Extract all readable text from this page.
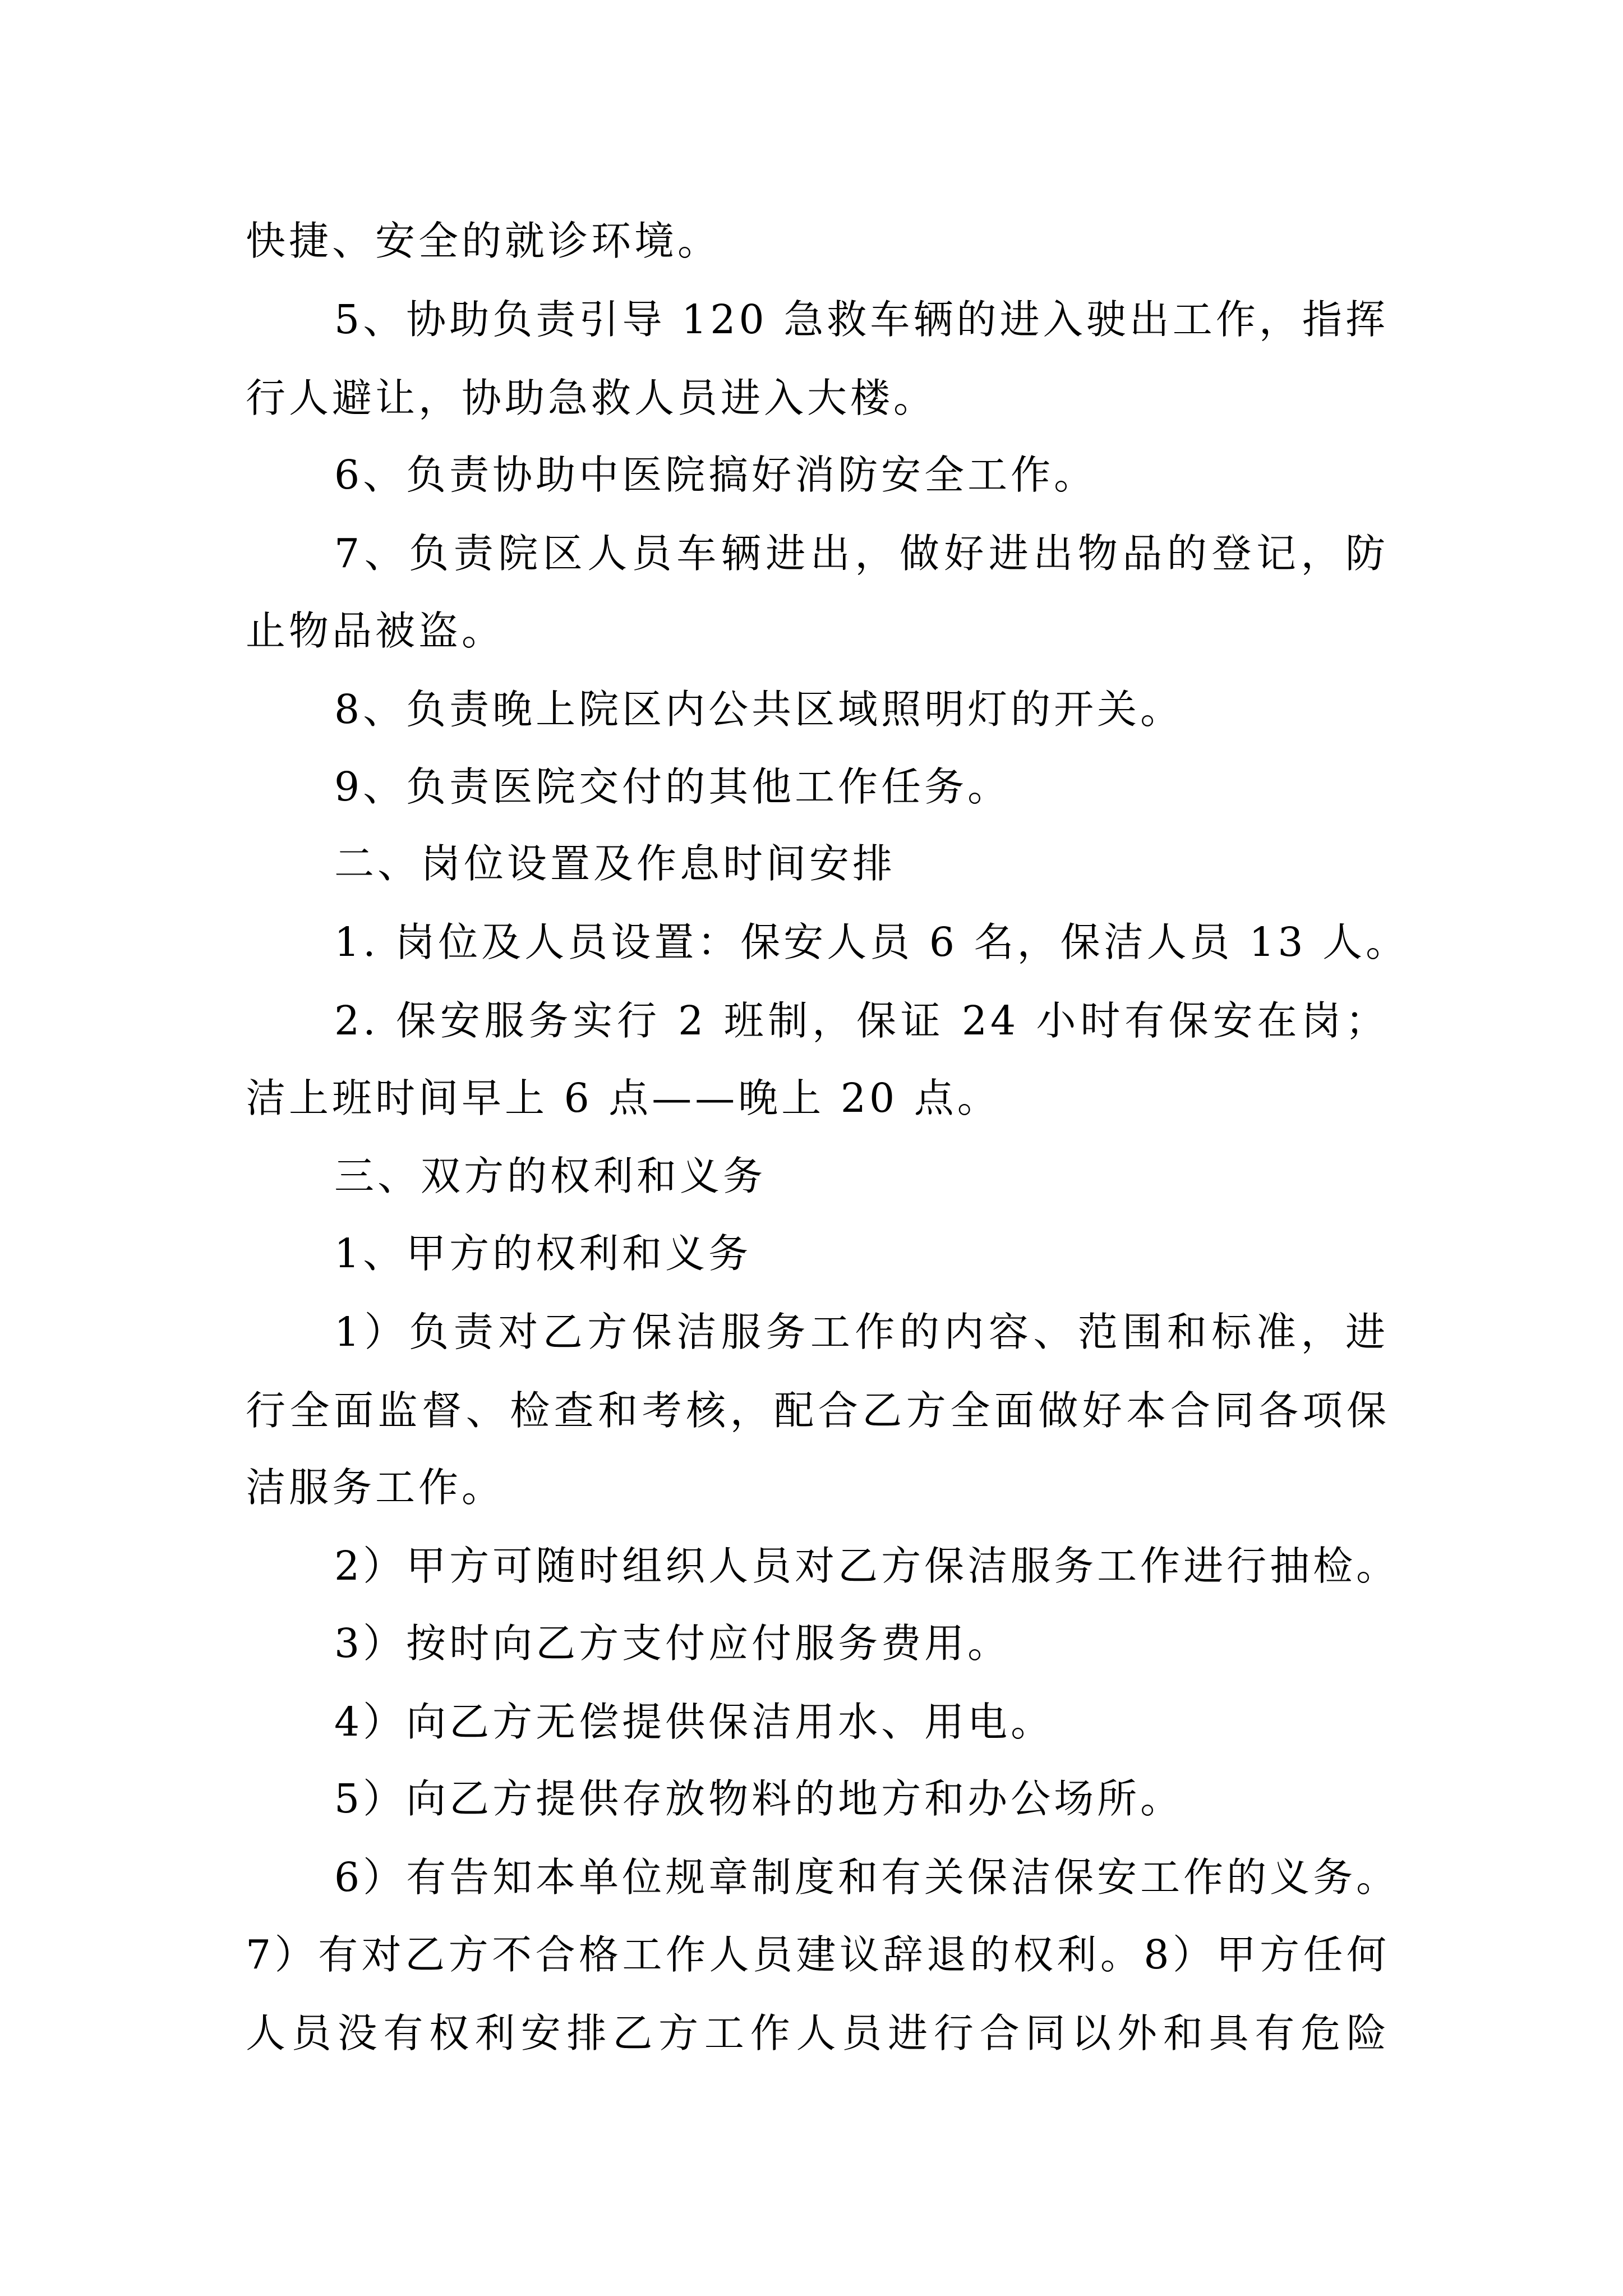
快捷、安全的就诊环境。
5、协助负责引导 120 急救车辆的进入驶出工作，指挥
行人避让，协助急救人员进入大楼。
6、负责协助中医院搞好消防安全工作。
7、负责院区人员车辆进出，做好进出物品的登记，防
止物品被盗。
8、负责晚上院区内公共区域照明灯的开关。
9、负责医院交付的其他工作任务。
二、岗位设置及作息时间安排
1. 岗位及人员设置：保安人员 6 名，保洁人员 13 人。
2. 保安服务实行 2 班制，保证 24 小时有保安在岗；
洁上班时间早上 6 点——晚上 20 点。
三、双方的权利和义务
1、甲方的权利和义务
1）负责对乙方保洁服务工作的内容、范围和标准，进
行全面监督、检查和考核，配合乙方全面做好本合同各项保
洁服务工作。
2）甲方可随时组织人员对乙方保洁服务工作进行抽检。
3）按时向乙方支付应付服务费用。
4）向乙方无偿提供保洁用水、用电。
5）向乙方提供存放物料的地方和办公场所。
6）有告知本单位规章制度和有关保洁保安工作的义务。
7）有对乙方不合格工作人员建议辞退的权利。8）甲方任何
人员没有权利安排乙方工作人员进行合同以外和具有危险
